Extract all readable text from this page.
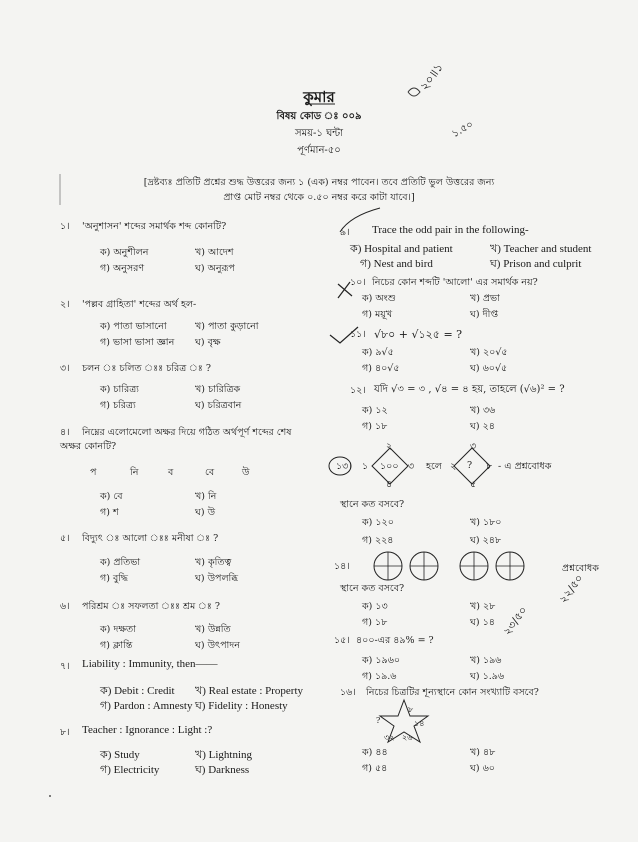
কুমার
বিষয় কোড ঃ ০০৯
সময়-১ ঘন্টা
পূর্ণমান-৫০
[দ্রষ্টব্যঃ প্রতিটি প্রশ্নের শুদ্ধ উত্তরের জন্য ১ (এক) নম্বর পাবেন। তবে প্রতিটি ভুল উত্তরের জন্য
প্রাপ্ত মোট নম্বর থেকে ০.৫০ নম্বর করে কাটা যাবে।]
২০॥১
১.৫০
১। 'অনুশাসন' শব্দের সমার্থক শব্দ কোনটি?
ক) অনুশীলন	খ) আদেশ
গ) অনুসরণ	ঘ) অনুরূপ
২। 'পল্লব গ্রাহিতা' শব্দের অর্থ হল-
ক) পাতা ভাসানো	খ) পাতা কুড়ানো
গ) ভাসা ভাসা জ্ঞান ঘ) বৃক্ষ
৩। চলন ঃ চলিত ঃঃ চরিত্র ঃ ?
ক) চারিত্র্য	খ) চারিত্রিক
গ) চরিত্র্য	ঘ) চরিত্রবান
৪। নিম্নের এলোমেলো অক্ষর দিয়ে গঠিত অর্থপূর্ণ শব্দের শেষ
অক্ষর কোনটি?
প	নি	ব	বে	উ
ক) বে	খ) নি
গ) শ	ঘ) উ
৫। বিদ্যুৎ ঃ আলো ঃঃ মনীষা ঃ ?
ক) প্রতিভা	খ) কৃতিত্ব
গ) বুদ্ধি	ঘ) উপলব্ধি
৬। পরিশ্রম ঃ সফলতা ঃঃ শ্রম ঃ ?
ক) দক্ষতা	খ) উন্নতি
গ) ক্লান্তি	ঘ) উৎপাদন
৭। Liability : Immunity, then——
ক) Debit : Credit খ) Real estate : Property
গ) Pardon : Amnesty ঘ) Fidelity : Honesty
৮। Teacher : Ignorance : Light :?
ক) Study	খ) Lightning
গ) Electricity	ঘ) Darkness
৯। Trace the odd pair in the following-
ক) Hospital and patient	খ) Teacher and student
গ) Nest and bird	ঘ) Prison and culprit
১০। নিচের কোন শব্দটি 'আলো' এর সমার্থক নয়?
ক) অংশু	খ) প্রভা
গ) ময়ূখ	ঘ) দীপ্ত
১১। √৮০ + √১২৫ = ?
ক) ৯√৫	খ) ২০√৫
গ) ৪০√৫	ঘ) ৬০√৫
১২। যদি √৩ = ৩ , √৪ = ৪ হয়, তাহলে (√৬)² = ?
ক) ১২	খ) ৩৬
গ) ১৮	ঘ) ২৪
১৩।
২
১ ১০০ ৩
৪
হলে
৩
২ ? ৮
৫
- এ প্রশ্নবোধক
স্থানে কত বসবে?
ক) ১২০	খ) ১৮০
গ) ২২৪	ঘ) ২৪৮
১৪।	প্রশ্নবোধক
স্থানে কত বসবে?
ক) ১৩	খ) ২৮
গ) ১৮	ঘ) ১৪
১৫। ৪০০-এর ৪৯% = ?
ক) ১৯৬০	খ) ১৯৬
গ) ১৯.৬	ঘ) ১.৯৬
১৬। নিচের চিত্রটির শূন্যস্থানে কোন সংখ্যাটি বসবে?
?
৮
১৪
২৬
৩২
ক) ৪৪	খ) ৪৮
গ) ৫৪	ঘ) ৬০
২২/৫০
২৩/৫০
